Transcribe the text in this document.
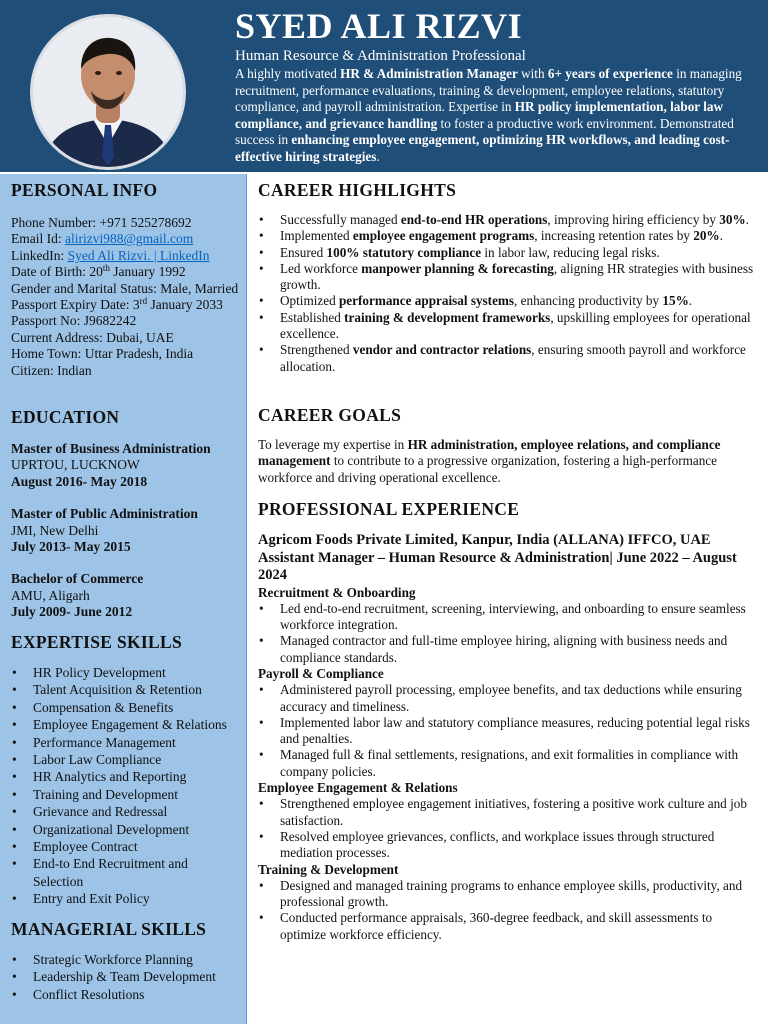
SYED ALI RIZVI
Human Resource & Administration Professional
A highly motivated HR & Administration Manager with 6+ years of experience in managing recruitment, performance evaluations, training & development, employee relations, statutory compliance, and payroll administration. Expertise in HR policy implementation, labor law compliance, and grievance handling to foster a productive work environment. Demonstrated success in enhancing employee engagement, optimizing HR workflows, and leading cost-effective hiring strategies.
PERSONAL INFO

Phone Number: +971 525278692

Email Id: alirizvi988@gmail.com

LinkedIn: Syed Ali Rizvi. | LinkedIn

Date of Birth: 20th January 1992

Gender and Marital Status: Male, Married

Passport Expiry Date: 3rd January 2033

Passport No: J9682242

Current Address: Dubai, UAE

Home Town: Uttar Pradesh, India

Citizen: Indian

EDUCATION

Master of Business Administration

UPRTOU, LUCKNOW

August 2016- May 2018

Master of Public Administration

JMI, New Delhi

July 2013- May 2015

Bachelor of Commerce

AMU, Aligarh

July 2009- June 2012

EXPERTISE SKILLS
• HR Policy Development
• Talent Acquisition & Retention
• Compensation & Benefits
• Employee Engagement & Relations
• Performance Management
• Labor Law Compliance
• HR Analytics and Reporting
• Training and Development
• Grievance and Redressal
• Organizational Development
• Employee Contract
• End-to End Recruitment and Selection
• Entry and Exit Policy
MANAGERIAL SKILLS
• Strategic Workforce Planning
• Leadership & Team Development
• Conflict Resolutions
CAREER HIGHLIGHTS
• Successfully managed end-to-end HR operations, improving hiring efficiency by 30%.
• Implemented employee engagement programs, increasing retention rates by 20%.
• Ensured 100% statutory compliance in labor law, reducing legal risks.
• Led workforce manpower planning & forecasting, aligning HR strategies with business growth.
• Optimized performance appraisal systems, enhancing productivity by 15%.
• Established training & development frameworks, upskilling employees for operational excellence.
• Strengthened vendor and contractor relations, ensuring smooth payroll and workforce allocation.
CAREER GOALS

To leverage my expertise in HR administration, employee relations, and compliance management to contribute to a progressive organization, fostering a high-performance workforce and driving operational excellence.

PROFESSIONAL EXPERIENCE
Agricom Foods Private Limited, Kanpur, India (ALLANA) IFFCO, UAE
Assistant Manager – Human Resource & Administration| June 2022 – August 2024
Recruitment & Onboarding
• Led end-to-end recruitment, screening, interviewing, and onboarding to ensure seamless workforce integration.
• Managed contractor and full-time employee hiring, aligning with business needs and compliance standards.
Payroll & Compliance
• Administered payroll processing, employee benefits, and tax deductions while ensuring accuracy and timeliness.
• Implemented labor law and statutory compliance measures, reducing potential legal risks and penalties.
• Managed full & final settlements, resignations, and exit formalities in compliance with company policies.
Employee Engagement & Relations
• Strengthened employee engagement initiatives, fostering a positive work culture and job satisfaction.
• Resolved employee grievances, conflicts, and workplace issues through structured mediation processes.
Training & Development
• Designed and managed training programs to enhance employee skills, productivity, and professional growth.
• Conducted performance appraisals, 360-degree feedback, and skill assessments to optimize workforce efficiency.
